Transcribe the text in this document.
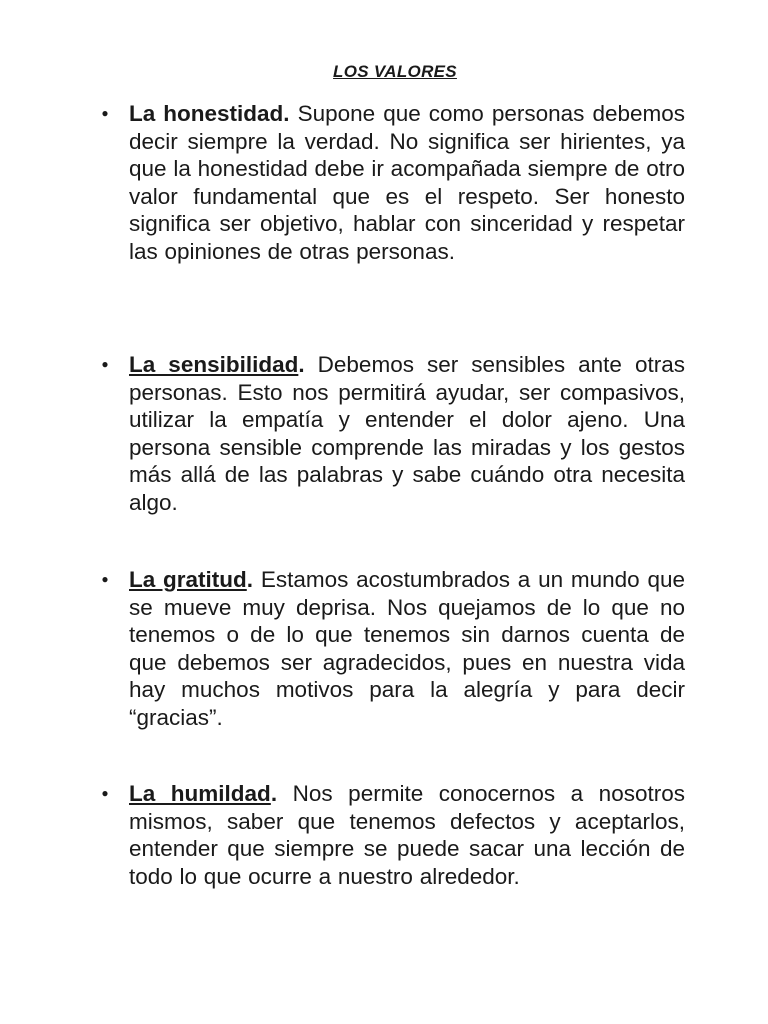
LOS VALORES
● La honestidad. Supone que como personas debemos decir siempre la verdad. No significa ser hirientes, ya que la honestidad debe ir acompañada siempre de otro valor fundamental que es el respeto. Ser honesto significa ser objetivo, hablar con sinceridad y respetar las opiniones de otras personas.
● La sensibilidad. Debemos ser sensibles ante otras personas. Esto nos permitirá ayudar, ser compasivos, utilizar la empatía y entender el dolor ajeno. Una persona sensible comprende las miradas y los gestos más allá de las palabras y sabe cuándo otra necesita algo.
● La gratitud. Estamos acostumbrados a un mundo que se mueve muy deprisa. Nos quejamos de lo que no tenemos o de lo que tenemos sin darnos cuenta de que debemos ser agradecidos, pues en nuestra vida hay muchos motivos para la alegría y para decir “gracias”.
● La humildad. Nos permite conocernos a nosotros mismos, saber que tenemos defectos y aceptarlos, entender que siempre se puede sacar una lección de todo lo que ocurre a nuestro alrededor.
